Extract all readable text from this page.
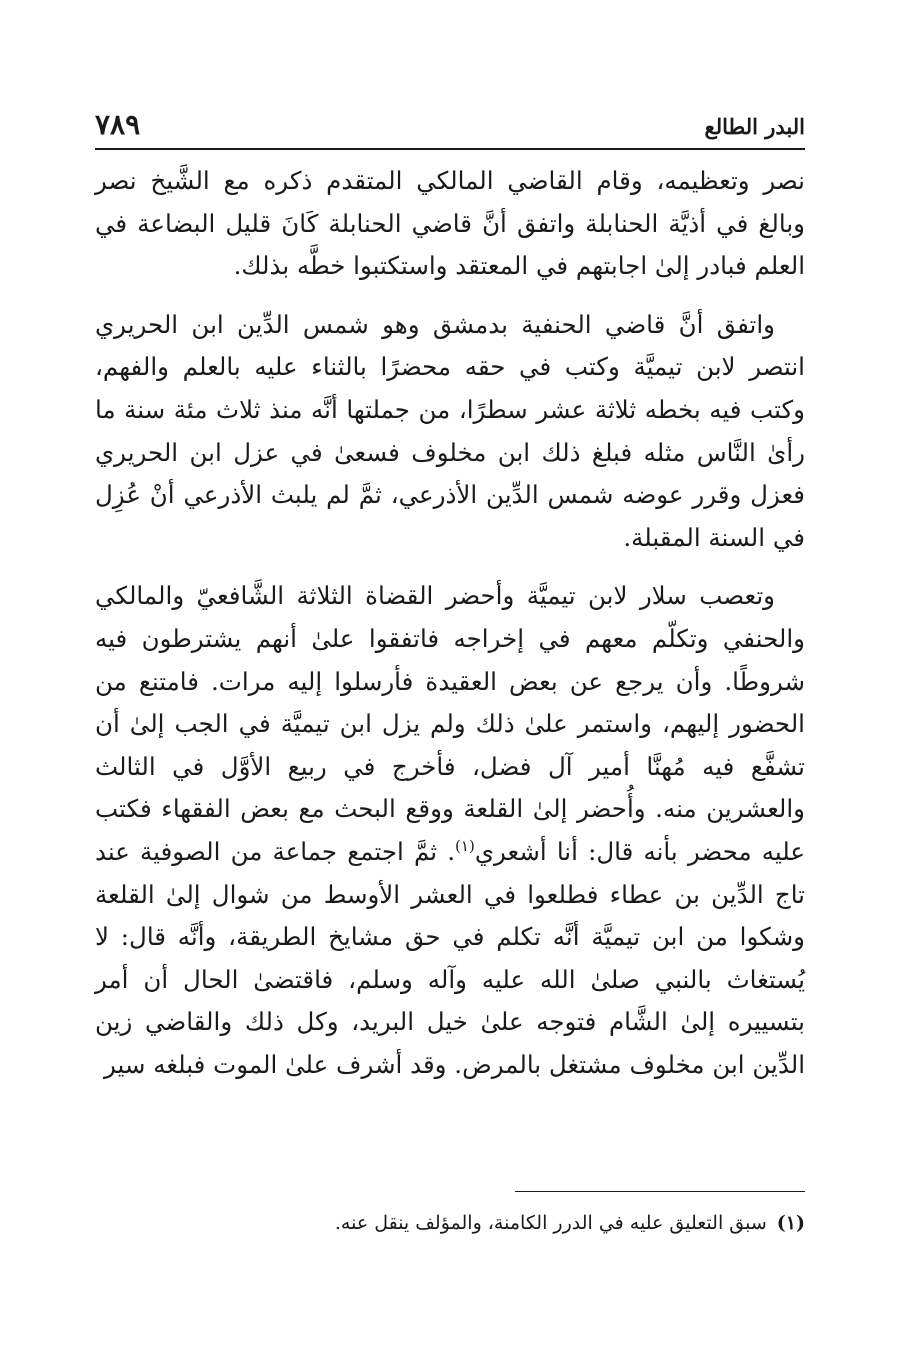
البدر الطالع
٧٨٩

نصر وتعظيمه، وقام القاضي المالكي المتقدم ذكره مع الشَّيخ نصر وبالغ في أذيَّة الحنابلة واتفق أنَّ قاضي الحنابلة كَانَ قليل البضاعة في العلم فبادر إلىٰ اجابتهم في المعتقد واستكتبوا خطَّه بذلك.

واتفق أنَّ قاضي الحنفية بدمشق وهو شمس الدِّين ابن الحريري انتصر لابن تيميَّة وكتب في حقه محضرًا بالثناء عليه بالعلم والفهم، وكتب فيه بخطه ثلاثة عشر سطرًا، من جملتها أنَّه منذ ثلاث مئة سنة ما رأىٰ النَّاس مثله فبلغ ذلك ابن مخلوف فسعىٰ في عزل ابن الحريري فعزل وقرر عوضه شمس الدِّين الأذرعي، ثمَّ لم يلبث الأذرعي أنْ عُزِل في السنة المقبلة.

وتعصب سلار لابن تيميَّة وأحضر القضاة الثلاثة الشَّافعيّ والمالكي والحنفي وتكلّم معهم في إخراجه فاتفقوا علىٰ أنهم يشترطون فيه شروطًا. وأن يرجع عن بعض العقيدة فأرسلوا إليه مرات. فامتنع من الحضور إليهم، واستمر علىٰ ذلك ولم يزل ابن تيميَّة في الجب إلىٰ أن تشفَّع فيه مُهنَّا أمير آل فضل، فأخرج في ربيع الأوَّل في الثالث والعشرين منه. وأُحضر إلىٰ القلعة ووقع البحث مع بعض الفقهاء فكتب عليه محضر بأنه قال: أنا أشعري$^{(١)}$. ثمَّ اجتمع جماعة من الصوفية عند تاج الدِّين بن عطاء فطلعوا في العشر الأوسط من شوال إلىٰ القلعة وشكوا من ابن تيميَّة أنَّه تكلم في حق مشايخ الطريقة، وأنَّه قال: لا يُستغاث بالنبي صلىٰ الله عليه وآله وسلم، فاقتضىٰ الحال أن أمر بتسييره إلىٰ الشَّام فتوجه علىٰ خيل البريد، وكل ذلك والقاضي زين الدِّين ابن مخلوف مشتغل بالمرض. وقد أشرف علىٰ الموت فبلغه سير

(١)سبق التعليق عليه في الدرر الكامنة، والمؤلف ينقل عنه.
